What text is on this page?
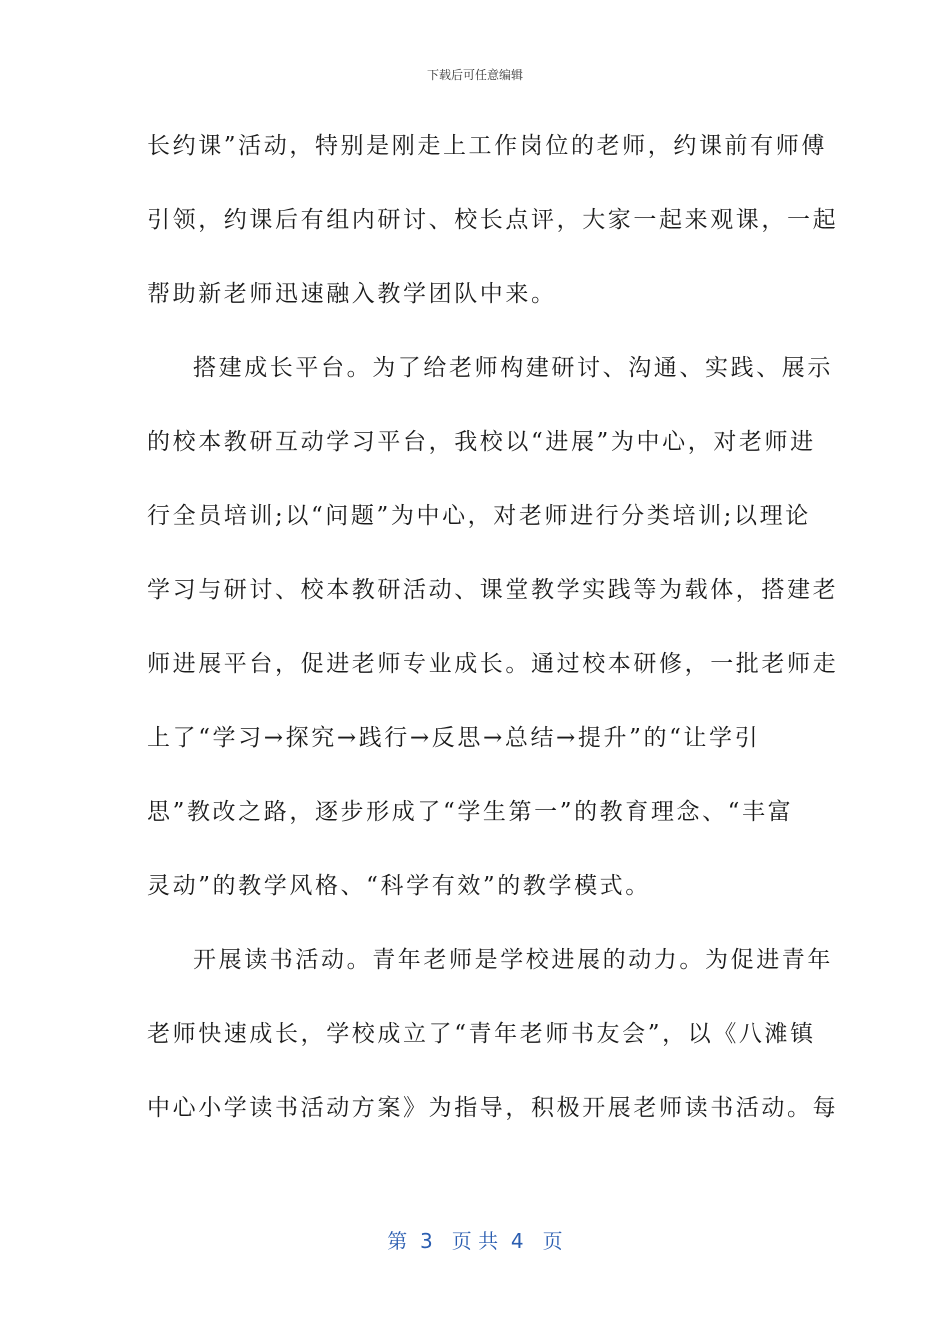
下载后可任意编辑
长约课”活动，特别是刚走上工作岗位的老师，约课前有师傅
引领，约课后有组内研讨、校长点评，大家一起来观课，一起
帮助新老师迅速融入教学团队中来。
搭建成长平台。为了给老师构建研讨、沟通、实践、展示
的校本教研互动学习平台，我校以“进展”为中心，对老师进
行全员培训;以“问题”为中心，对老师进行分类培训;以理论
学习与研讨、校本教研活动、课堂教学实践等为载体，搭建老
师进展平台，促进老师专业成长。通过校本研修，一批老师走
上了“学习→探究→践行→反思→总结→提升”的“让学引
思”教改之路，逐步形成了“学生第一”的教育理念、“丰富
灵动”的教学风格、“科学有效”的教学模式。
开展读书活动。青年老师是学校进展的动力。为促进青年
老师快速成长，学校成立了“青年老师书友会”，以《八滩镇
中心小学读书活动方案》为指导，积极开展老师读书活动。每
第  3   页 共  4   页
